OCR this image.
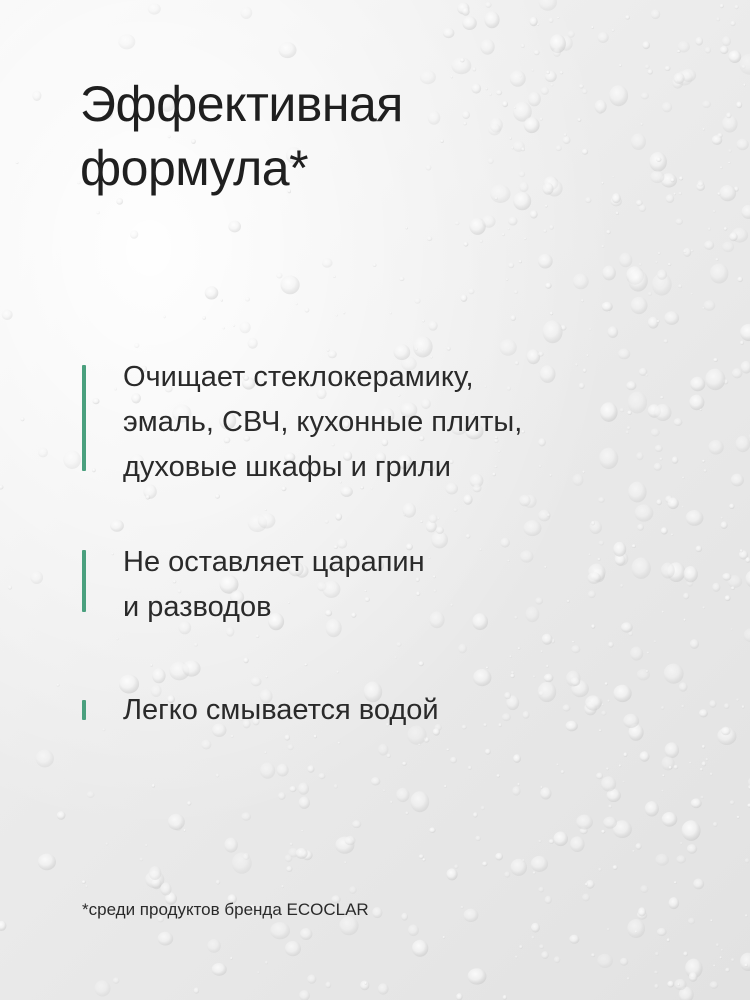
Эффективная
формула*
Очищает стеклокерамику,
эмаль, СВЧ, кухонные плиты,
духовые шкафы и грили
Не оставляет царапин
и разводов
Легко смывается водой
*среди продуктов бренда ECOCLAR
